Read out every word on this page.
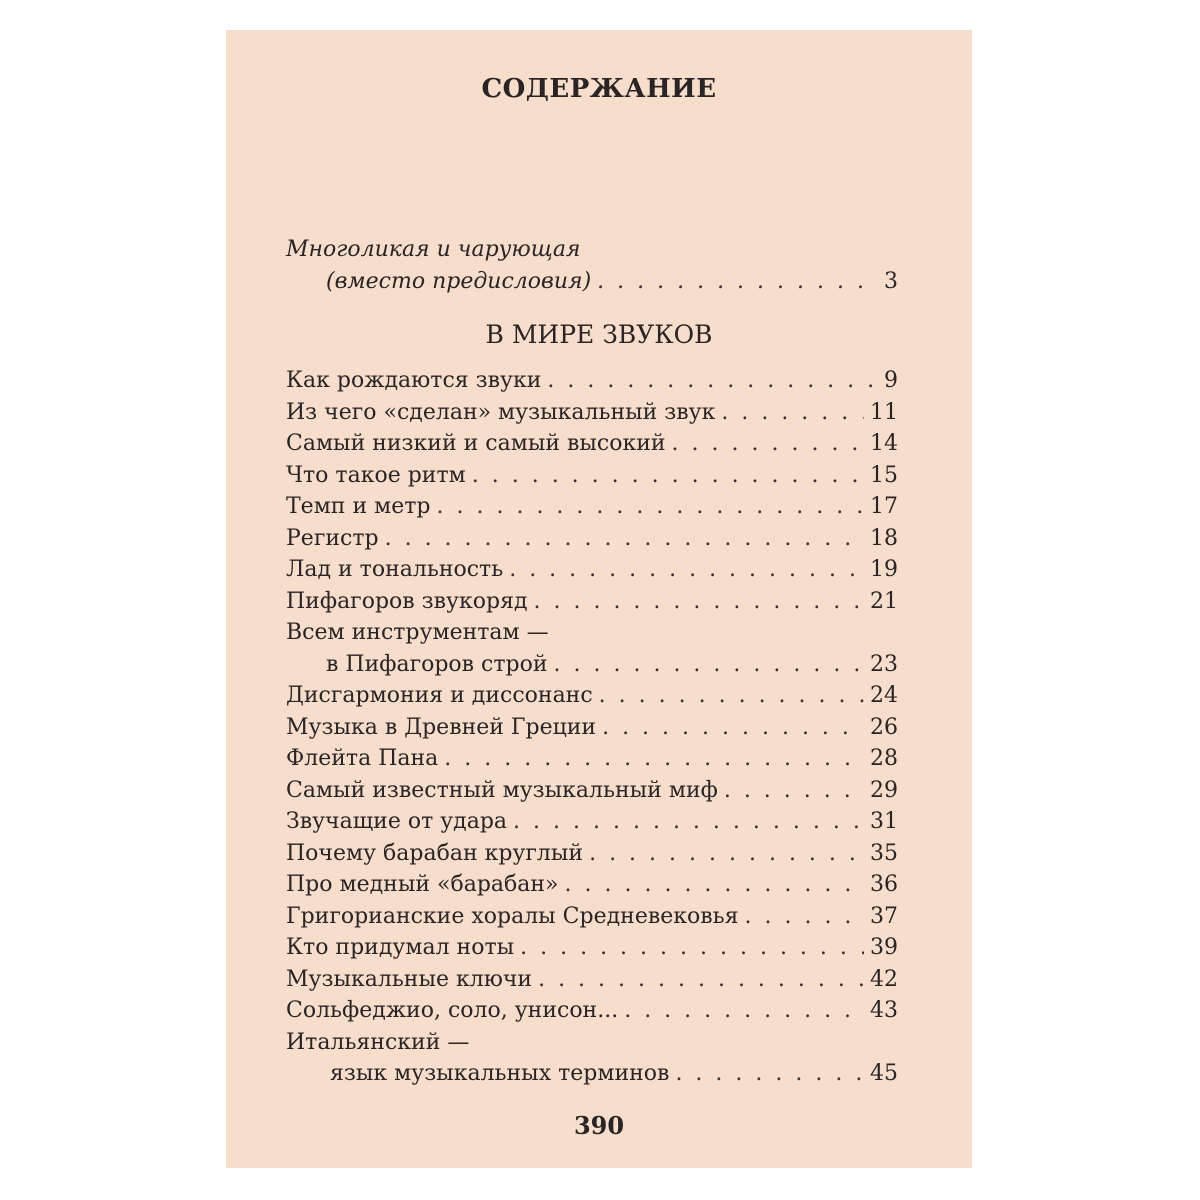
СОДЕРЖАНИЕ
Многоликая и чарующая
(вместо предисловия) . . .	3
В МИРЕ ЗВУКОВ
Как рождаются звуки . . .	9
Из чего «сделан» музыкальный звук . . .	11
Самый низкий и самый высокий . . .	14
Что такое ритм . . .	15
Темп и метр . . .	17
Регистр . . .	18
Лад и тональность . . .	19
Пифагоров звукоряд . . .	21
Всем инструментам —
в Пифагоров строй . . .	23
Дисгармония и диссонанс . . .	24
Музыка в Древней Греции . . .	26
Флейта Пана . . .	28
Самый известный музыкальный миф . . .	29
Звучащие от удара . . .	31
Почему барабан круглый . . .	35
Про медный «барабан» . . .	36
Григорианские хоралы Средневековья . . .	37
Кто придумал ноты . . .	39
Музыкальные ключи . . .	42
Сольфеджио, соло, унисон... . . .	43
Итальянский —
язык музыкальных терминов . . .	45
390
